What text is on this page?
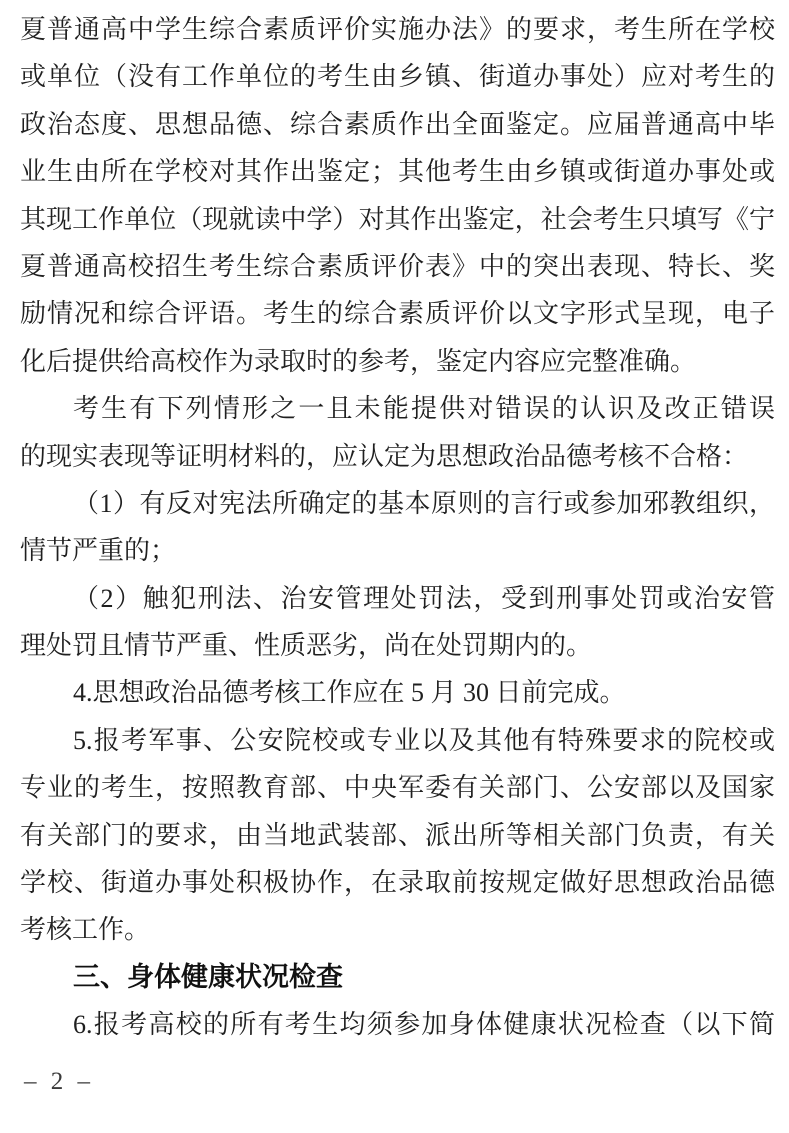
夏普通高中学生综合素质评价实施办法》的要求，考生所在学校
或单位（没有工作单位的考生由乡镇、街道办事处）应对考生的
政治态度、思想品德、综合素质作出全面鉴定。应届普通高中毕
业生由所在学校对其作出鉴定；其他考生由乡镇或街道办事处或
其现工作单位（现就读中学）对其作出鉴定，社会考生只填写《宁
夏普通高校招生考生综合素质评价表》中的突出表现、特长、奖
励情况和综合评语。考生的综合素质评价以文字形式呈现，电子
化后提供给高校作为录取时的参考，鉴定内容应完整准确。
考生有下列情形之一且未能提供对错误的认识及改正错误
的现实表现等证明材料的，应认定为思想政治品德考核不合格：
（1）有反对宪法所确定的基本原则的言行或参加邪教组织，
情节严重的；
（2）触犯刑法、治安管理处罚法，受到刑事处罚或治安管
理处罚且情节严重、性质恶劣，尚在处罚期内的。
4.思想政治品德考核工作应在 5 月 30 日前完成。
5.报考军事、公安院校或专业以及其他有特殊要求的院校或
专业的考生，按照教育部、中央军委有关部门、公安部以及国家
有关部门的要求，由当地武装部、派出所等相关部门负责，有关
学校、街道办事处积极协作，在录取前按规定做好思想政治品德
考核工作。
三、身体健康状况检查
6.报考高校的所有考生均须参加身体健康状况检查（以下简
– 2 –
